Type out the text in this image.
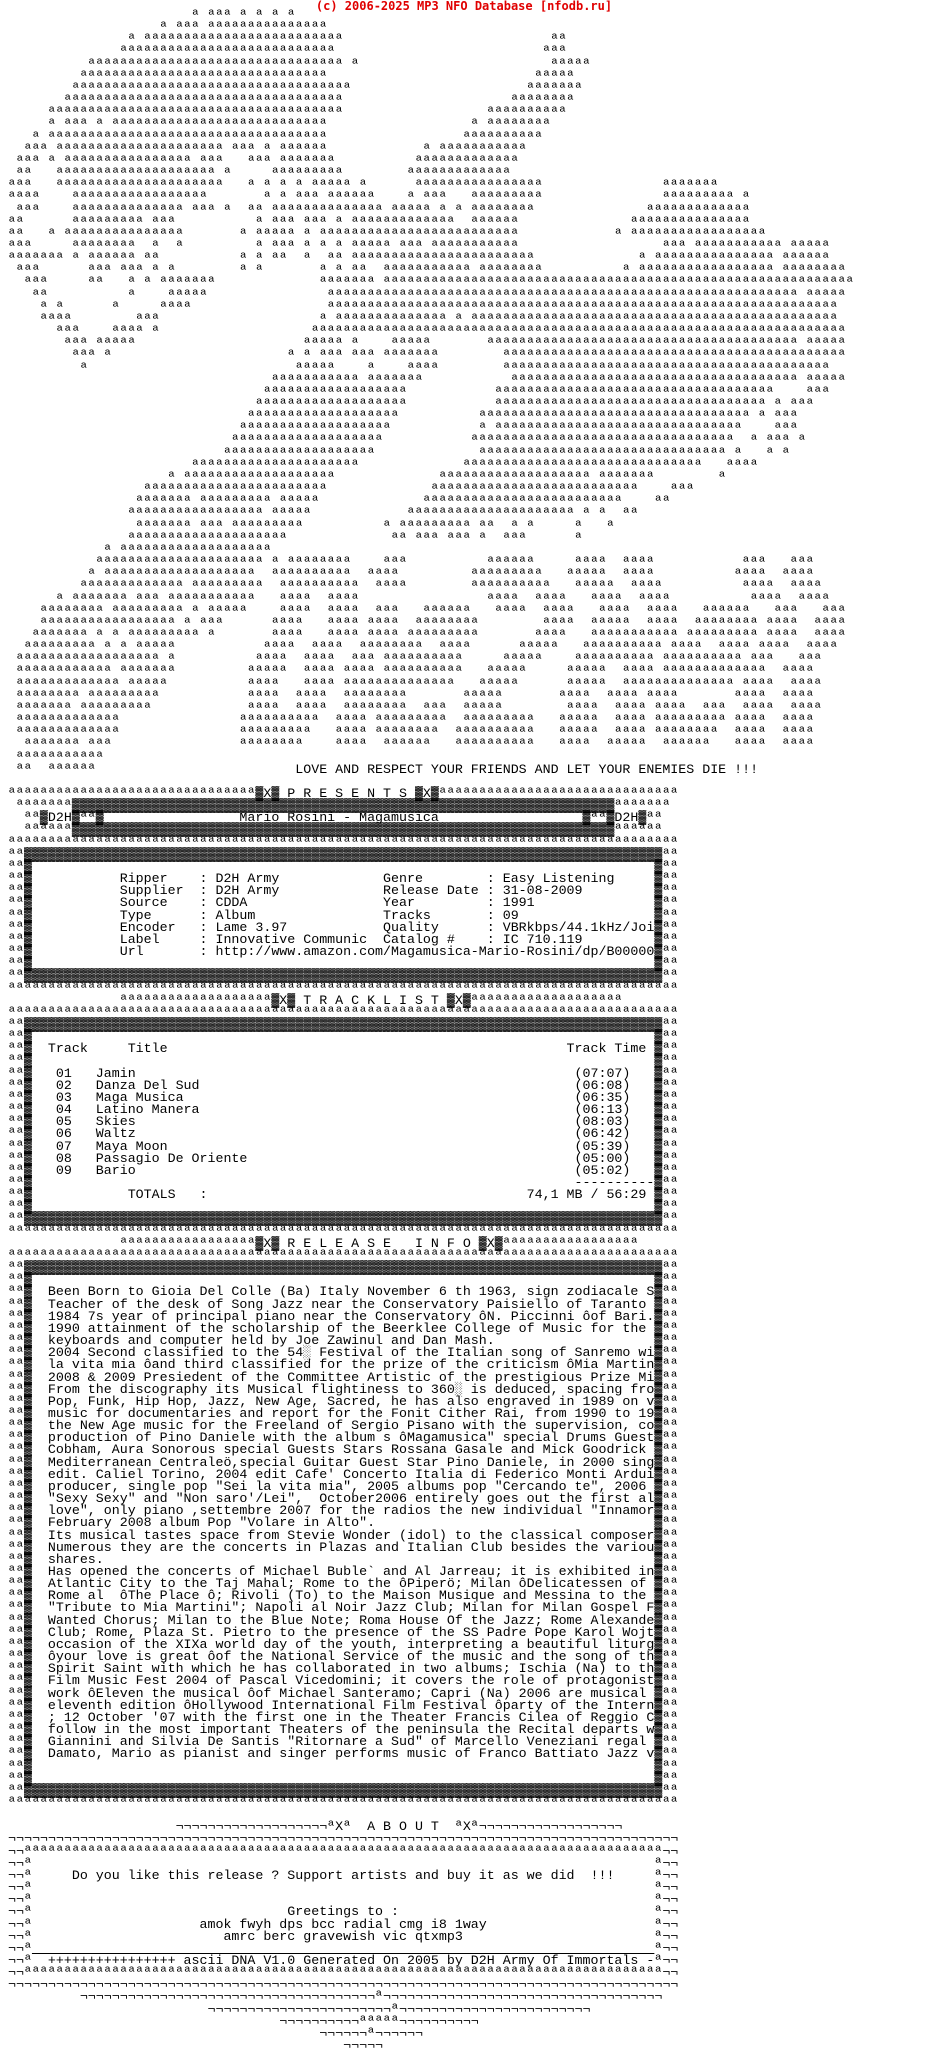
(c) 2006-2025 MP3 NFO Database [nfodb.ru]
ª ªªª ª ª ª ª
ª ªªª ªªªªªªªªªªªªªªª
ª ªªªªªªªªªªªªªªªªªªªªªªªªª                          ªª
ªªªªªªªªªªªªªªªªªªªªªªªªªªª                          ªªª
ªªªªªªªªªªªªªªªªªªªªªªªªªªªªªªªª ª                        ªªªªª
ªªªªªªªªªªªªªªªªªªªªªªªªªªªªªªª                          ªªªªª
ªªªªªªªªªªªªªªªªªªªªªªªªªªªªªªªªªªª                      ªªªªªªª
ªªªªªªªªªªªªªªªªªªªªªªªªªªªªªªªªªªª                     ªªªªªªªª
ªªªªªªªªªªªªªªªªªªªªªªªªªªªªªªªªªªªªª                  ªªªªªªªªªª
ª ªªª ª ªªªªªªªªªªªªªªªªªªªªªªªªªªª                  ª ªªªªªªªª
ª ªªªªªªªªªªªªªªªªªªªªªªªªªªªªªªªªªªª                 ªªªªªªªªªª
ªªª ªªªªªªªªªªªªªªªªªªªªª ªªª ª ªªªªªª            ª ªªªªªªªªªªª
ªªª ª ªªªªªªªªªªªªªªªª ªªª   ªªª ªªªªªªª          ªªªªªªªªªªªªª
ªª   ªªªªªªªªªªªªªªªªªªªª ª     ªªªªªªªªª        ªªªªªªªªªªªªª
ªªª   ªªªªªªªªªªªªªªªªªªªªª   ª ª ª ª ªªªªª ª      ªªªªªªªªªªªªªªªª               ªªªªªªª
ªªªª    ªªªªªªªªªªªªªªªªª       ª ª ªªª ªªªªªª    ª ªªª   ªªªªªªªªª               ªªªªªªªªª ª
ªªª    ªªªªªªªªªªªªªª ªªª ª  ªª ªªªªªªªªªªªªªª ªªªªª ª ª ªªªªªªªª              ªªªªªªªªªªªªª
ªª      ªªªªªªªªª ªªª          ª ªªª ªªª ª ªªªªªªªªªªªªª  ªªªªªª              ªªªªªªªªªªªªªªª
ªª   ª ªªªªªªªªªªªªªªª       ª ªªªªª ª ªªªªªªªªªªªªªªªªªªªªªªªªª            ª ªªªªªªªªªªªªªªªªª
ªªª     ªªªªªªªª  ª  ª         ª ªªª ª ª ª ªªªªª ªªª ªªªªªªªªªªª                  ªªª ªªªªªªªªªªª ªªªªª
ªªªªªªª ª ªªªªªª ªª          ª ª ªª  ª  ªª ªªªªªªªªªªªªªªªªªªªªªªª             ª ªªªªªªªªªªªªªªª ªªªªªª
ªªª      ªªª ªªª ª ª        ª ª       ª ª ªª  ªªªªªªªªªªª ªªªªªªªª          ª ªªªªªªªªªªªªªªªªª ªªªªªªªª
ªªª     ªª   ª ª ªªªªªªª             ªªªªªªª ªªªªªªªªªªªªªªªªªªªªªªªªªªªªªªªªªªªªªªªªªªªªªªªªªªªªªªªªªªª
ªª          ª    ªªªªª               ªªªªªªªªªªªªªªªªªªªªªªªªªªªªªªªªªªªªªªªªªªªªªªªªªªªªªªªªªªª ªªªªª
ª ª      ª     ªªªª                 ªªªªªªªªªªªªªªªªªªªªªªªªªªªªªªªªªªªªªªªªªªªªªªªªªªªªªªªªªªªªªªªª
ªªªª        ªªª                    ª ªªªªªªªªªªªªªª ª ªªªªªªªªªªªªªªªªªªªªªªªªªªªªªªªªªªªªªªªªªªªªªª
ªªª    ªªªª ª                   ªªªªªªªªªªªªªªªªªªªªªªªªªªªªªªªªªªªªªªªªªªªªªªªªªªªªªªªªªªªªªªªªªªª
ªªª ªªªªª                     ªªªªª ª    ªªªªª       ªªªªªªªªªªªªªªªªªªªªªªªªªªªªªªªªªªªªªªª ªªªªª
ªªª ª                      ª ª ªªª ªªª ªªªªªªª        ªªªªªªªªªªªªªªªªªªªªªªªªªªªªªªªªªªªªªªªªªªª
ª                          ªªªªª    ª    ªªªª        ªªªªªªªªªªªªªªªªªªªªªªªªªªªªªªªªªªªªªªªªª
ªªªªªªªªªªª ªªªªªªª           ªªªªªªªªªªªªªªªªªªªªªªªªªªªªªªªªªªªª ªªªªª
ªªªªªªªªªªªªªªªªªª           ªªªªªªªªªªªªªªªªªªªªªªªªªªªªªªªªªªª    ªªª
ªªªªªªªªªªªªªªªªªªª           ªªªªªªªªªªªªªªªªªªªªªªªªªªªªªªªªªª ª ªªª
ªªªªªªªªªªªªªªªªªªª          ªªªªªªªªªªªªªªªªªªªªªªªªªªªªªªªªªª ª ªªª
ªªªªªªªªªªªªªªªªªªª           ª ªªªªªªªªªªªªªªªªªªªªªªªªªªªªªªª    ªªª
ªªªªªªªªªªªªªªªªªªª           ªªªªªªªªªªªªªªªªªªªªªªªªªªªªªªªªª  ª ªªª ª
ªªªªªªªªªªªªªªªªªªª             ªªªªªªªªªªªªªªªªªªªªªªªªªªªªªªª ª   ª ª
ªªªªªªªªªªªªªªªªªªªªª             ªªªªªªªªªªªªªªªªªªªªªªªªªªªªªª   ªªªª
ª ªªªªªªªªªªªªªªªªªªª             ªªªªªªªªªªªªªªªªªªª ªªªªªªª        ª
ªªªªªªªªªªªªªªªªªªªªªªª             ªªªªªªªªªªªªªªªªªªªªªªªªªª    ªªª
ªªªªªªª ªªªªªªªªª ªªªªª             ªªªªªªªªªªªªªªªªªªªªªªªªª    ªª
ªªªªªªªªªªªªªªªªª ªªªªª            ªªªªªªªªªªªªªªªªªªªªª ª ª  ªª
ªªªªªªª ªªª ªªªªªªªªª          ª ªªªªªªªªª ªª  ª ª     ª   ª
ªªªªªªªªªªªªªªªªªªªª             ªª ªªª ªªª ª  ªªª      ª
ª ªªªªªªªªªªªªªªªªªªª
ªªªªªªªªªªªªªªªªªªªªª ª ªªªªªªªª    ªªª          ªªªªªª     ªªªª  ªªªª           ªªª   ªªª
ª ªªªªªªªªªªªªªªªªªªª  ªªªªªªªªªª  ªªªª         ªªªªªªªªª   ªªªªª  ªªªª          ªªªª  ªªªª
ªªªªªªªªªªªªª ªªªªªªªªª  ªªªªªªªªªª  ªªªª        ªªªªªªªªªª   ªªªªª  ªªªª          ªªªª  ªªªª
ª ªªªªªªª ªªª ªªªªªªªªªªª   ªªªª  ªªªª                ªªªª  ªªªª   ªªªª  ªªªª          ªªªª  ªªªª
ªªªªªªªª ªªªªªªªªª ª ªªªªª    ªªªª  ªªªª  ªªª   ªªªªªª   ªªªª  ªªªª   ªªªª  ªªªª   ªªªªªª   ªªª   ªªª
ªªªªªªªªªªªªªªªªª ª ªªª      ªªªª   ªªªª ªªªª  ªªªªªªªª        ªªªª  ªªªªª  ªªªª  ªªªªªªªª ªªªª  ªªªª
ªªªªªªª ª ª ªªªªªªªªª ª       ªªªª   ªªªª ªªªª ªªªªªªªªª       ªªªª   ªªªªªªªªªªª ªªªªªªªªª ªªªª  ªªªª
ªªªªªªªªª ª ª ªªªªª           ªªªª  ªªªª  ªªªªªªªª  ªªªª      ªªªªª   ªªªªªªªªªª ªªªª  ªªªª ªªªª  ªªªª
ªªªªªªªªªªªªªªªªªª ª          ªªªª  ªªªª  ªªª ªªªªªªªªªª     ªªªªª    ªªªªªªªªªª ªªªªªªªªªª ªªª   ªªª
ªªªªªªªªªªªª ªªªªªªª         ªªªªª  ªªªª ªªªª ªªªªªªªªªª   ªªªªª     ªªªªª  ªªªª ªªªªªªªªªªªªª  ªªªª
ªªªªªªªªªªªªª ªªªªª          ªªªª   ªªªª ªªªªªªªªªªªªªª   ªªªªª      ªªªªª  ªªªªªªªªªªªªªª ªªªª  ªªªª
ªªªªªªªª ªªªªªªªªª           ªªªª  ªªªª  ªªªªªªªª       ªªªªª       ªªªª  ªªªª ªªªª       ªªªª  ªªªª
ªªªªªªª ªªªªªªªªª            ªªªª  ªªªª  ªªªªªªªª  ªªª  ªªªªª        ªªªª  ªªªª ªªªª  ªªª  ªªªª  ªªªª
ªªªªªªªªªªªªª               ªªªªªªªªªª  ªªªª ªªªªªªªªª  ªªªªªªªªª   ªªªªª  ªªªª ªªªªªªªªª ªªªª  ªªªª
ªªªªªªªªªªªªª               ªªªªªªªªª   ªªªª ªªªªªªªª  ªªªªªªªªªª   ªªªªª  ªªªª ªªªªªªªª  ªªªª  ªªªª
ªªªªªªª ªªª                ªªªªªªªª    ªªªª  ªªªªªª   ªªªªªªªªªª   ªªªª  ªªªªª  ªªªªªª   ªªªª  ªªªª
ªªªªªªªªªªª
ªª  ªªªªªª                         LOVE AND RESPECT YOUR FRIENDS AND LET YOUR ENEMIES DIE !!!

ªªªªªªªªªªªªªªªªªªªªªªªªªªªªªªª▓X▓ P R E S E N T S ▓X▓ªªªªªªªªªªªªªªªªªªªªªªªªªªªªªª
ªªªªªªª▓▓▓▓▓▓▓▓▓▓▓▓▓▓▓▓▓▓▓▓▓▓▓▓▓▓▓▓▓▓▓▓▓▓▓▓▓▓▓▓▓▓▓▓▓▓▓▓▓▓▓▓▓▓▓▓▓▓▓▓▓▓▓▓▓▓▓▓ªªªªªªª
ªª▓D2H▓ªª▓                 Mario Rosini - Magamusica                  ▓ªª▓D2H▓ªª
ªªªªªª▓▓▓▓▓▓▓▓▓▓▓▓▓▓▓▓▓▓▓▓▓▓▓▓▓▓▓▓▓▓▓▓▓▓▓▓▓▓▓▓▓▓▓▓▓▓▓▓▓▓▓▓▓▓▓▓▓▓▓▓▓▓▓▓▓▓▓▓ªªªªªª
ªªªªªªªªªªªªªªªªªªªªªªªªªªªªªªªªªªªªªªªªªªªªªªªªªªªªªªªªªªªªªªªªªªªªªªªªªªªªªªªªªªªª
ªª▓▓▓▓▓▓▓▓▓▓▓▓▓▓▓▓▓▓▓▓▓▓▓▓▓▓▓▓▓▓▓▓▓▓▓▓▓▓▓▓▓▓▓▓▓▓▓▓▓▓▓▓▓▓▓▓▓▓▓▓▓▓▓▓▓▓▓▓▓▓▓▓▓▓▓▓▓▓▓▓ªª
ªª▓                                                                              ▓ªª
ªª▓           Ripper    : D2H Army             Genre        : Easy Listening     ▓ªª
ªª▓           Supplier  : D2H Army             Release Date : 31-08-2009         ▓ªª
ªª▓           Source    : CDDA                 Year         : 1991               ▓ªª
ªª▓           Type      : Album                Tracks       : 09                 ▓ªª
ªª▓           Encoder   : Lame 3.97            Quality      : VBRkbps/44.1kHz/Joi▓ªª
ªª▓           Label     : Innovative Communic  Catalog #    : IC 710.119         ▓ªª
ªª▓           Url       : http://www.amazon.com/Magamusica-Mario-Rosini/dp/B00000▓ªª
ªª▓                                                                              ▓ªª
ªª▓▓▓▓▓▓▓▓▓▓▓▓▓▓▓▓▓▓▓▓▓▓▓▓▓▓▓▓▓▓▓▓▓▓▓▓▓▓▓▓▓▓▓▓▓▓▓▓▓▓▓▓▓▓▓▓▓▓▓▓▓▓▓▓▓▓▓▓▓▓▓▓▓▓▓▓▓▓▓▓ªª
ªªªªªªªªªªªªªªªªªªªªªªªªªªªªªªªªªªªªªªªªªªªªªªªªªªªªªªªªªªªªªªªªªªªªªªªªªªªªªªªªªªªª
ªªªªªªªªªªªªªªªªªªª▓X▓ T R A C K L I S T ▓X▓ªªªªªªªªªªªªªªªªªªª
ªªªªªªªªªªªªªªªªªªªªªªªªªªªªªªªªªªªªªªªªªªªªªªªªªªªªªªªªªªªªªªªªªªªªªªªªªªªªªªªªªªªª
ªª▓▓▓▓▓▓▓▓▓▓▓▓▓▓▓▓▓▓▓▓▓▓▓▓▓▓▓▓▓▓▓▓▓▓▓▓▓▓▓▓▓▓▓▓▓▓▓▓▓▓▓▓▓▓▓▓▓▓▓▓▓▓▓▓▓▓▓▓▓▓▓▓▓▓▓▓▓▓▓▓ªª
ªª▓                                                                              ▓ªª
ªª▓  Track     Title                                                  Track Time ▓ªª
ªª▓                                                                              ▓ªª
ªª▓   01   Jamin                                                       (07:07)   ▓ªª
ªª▓   02   Danza Del Sud                                               (06:08)   ▓ªª
ªª▓   03   Maga Musica                                                 (06:35)   ▓ªª
ªª▓   04   Latino Manera                                               (06:13)   ▓ªª
ªª▓   05   Skies                                                       (08:03)   ▓ªª
ªª▓   06   Waltz                                                       (06:42)   ▓ªª
ªª▓   07   Maya Moon                                                   (05:39)   ▓ªª
ªª▓   08   Passagio De Oriente                                         (05:00)   ▓ªª
ªª▓   09   Bario                                                       (05:02)   ▓ªª
ªª▓                                                                    ----------▓ªª
ªª▓            TOTALS   :                                        74,1 MB / 56:29 ▓ªª
ªª▓                                                                              ▓ªª
ªª▓▓▓▓▓▓▓▓▓▓▓▓▓▓▓▓▓▓▓▓▓▓▓▓▓▓▓▓▓▓▓▓▓▓▓▓▓▓▓▓▓▓▓▓▓▓▓▓▓▓▓▓▓▓▓▓▓▓▓▓▓▓▓▓▓▓▓▓▓▓▓▓▓▓▓▓▓▓▓▓ªª
ªªªªªªªªªªªªªªªªªªªªªªªªªªªªªªªªªªªªªªªªªªªªªªªªªªªªªªªªªªªªªªªªªªªªªªªªªªªªªªªªªªªª
ªªªªªªªªªªªªªªªªª▓X▓ R E L E A S E   I N F O ▓X▓ªªªªªªªªªªªªªªªªª
ªªªªªªªªªªªªªªªªªªªªªªªªªªªªªªªªªªªªªªªªªªªªªªªªªªªªªªªªªªªªªªªªªªªªªªªªªªªªªªªªªªªª
ªª▓▓▓▓▓▓▓▓▓▓▓▓▓▓▓▓▓▓▓▓▓▓▓▓▓▓▓▓▓▓▓▓▓▓▓▓▓▓▓▓▓▓▓▓▓▓▓▓▓▓▓▓▓▓▓▓▓▓▓▓▓▓▓▓▓▓▓▓▓▓▓▓▓▓▓▓▓▓▓▓ªª
ªª▓                                                                              ▓ªª
ªª▓  Been Born to Gioia Del Colle (Ba) Italy November 6 th 1963, sign zodiacale S▓ªª
ªª▓  Teacher of the desk of Song Jazz near the Conservatory Paisiello of Taranto ▓ªª
ªª▓  1984 7s year of principal piano near the Conservatory ôN. Piccinni ôof Bari.▓ªª
ªª▓  1990 attainment of the scholarship of the Beerklee College of Music for the ▓ªª
ªª▓  keyboards and computer held by Joe Zawinul and Dan Mash.                    ▓ªª
ªª▓  2004 Second classified to the 54░ Festival of the Italian song of Sanremo wi▓ªª
ªª▓  la vita mia ôand third classified for the prize of the criticism ôMia Martin▓ªª
ªª▓  2008 & 2009 Presiedent of the Committee Artistic of the prestigious Prize Mi▓ªª
ªª▓  From the discography its Musical flightiness to 360░ is deduced, spacing fro▓ªª
ªª▓  Pop, Funk, Hip Hop, Jazz, New Age, Sacred, he has also engraved in 1989 on v▓ªª
ªª▓  music for documentaries and report for the Fonit Cither Rai, from 1990 to 19▓ªª
ªª▓  the New Age music for the Freeland of Sergio Pisano with the supervision, co▓ªª
ªª▓  production of Pino Daniele with the album s ôMagamusica" special Drums Guest▓ªª
ªª▓  Cobham, Aura Sonorous special Guests Stars Rossana Gasale and Mick Goodrick ▓ªª
ªª▓  Mediterranean Centraleö,special Guitar Guest Star Pino Daniele, in 2000 sing▓ªª
ªª▓  edit. Caliel Torino, 2004 edit Cafe' Concerto Italia di Federico Monti Ardui▓ªª
ªª▓  producer, single pop "Sei la vita mia", 2005 albums pop "Cercando te", 2006 ▓ªª
ªª▓  "Sexy Sexy" and "Non saro'/Lei",  October2006 entirely goes out the first al▓ªª
ªª▓  love", only piano ,settembre 2007 for the radios the new individual "Innamor▓ªª
ªª▓  February 2008 album Pop "Volare in Alto".                                   ▓ªª
ªª▓  Its musical tastes space from Stevie Wonder (idol) to the classical composer▓ªª
ªª▓  Numerous they are the concerts in Plazas and Italian Club besides the variou▓ªª
ªª▓  shares.                                                                     ▓ªª
ªª▓  Has opened the concerts of Michael Buble` and Al Jarreau; it is exhibited in▓ªª
ªª▓  Atlantic City to the Taj Mahal; Rome to the ôPiperö; Milan ôDelicatessen of ▓ªª
ªª▓  Rome al  ôThe Place ô; Rivoli (To) to the Maison Musique and Messina to the ▓ªª
ªª▓  "Tribute to Mia Martini"; Napoli al Noir Jazz Club; Milan for Milan Gospel F▓ªª
ªª▓  Wanted Chorus; Milan to the Blue Note; Roma House Of the Jazz; Rome Alexande▓ªª
ªª▓  Club; Rome, Plaza St. Pietro to the presence of the SS Padre Pope Karol Wojt▓ªª
ªª▓  occasion of the XIXa world day of the youth, interpreting a beautiful liturg▓ªª
ªª▓  ôyour love is great ôof the National Service of the music and the song of th▓ªª
ªª▓  Spirit Saint with which he has collaborated in two albums; Ischia (Na) to th▓ªª
ªª▓  Film Music Fest 2004 of Pascal Vicedomini; it covers the role of protagonist▓ªª
ªª▓  work ôEleven the musical ôof Michael Santeramo; Capri (Na) 2006 are musical ▓ªª
ªª▓  eleventh edition ôHollywood International Film Festival ôparty of the Intern▓ªª
ªª▓  ; 12 October '07 with the first one in the Theater Francis Cilea of Reggio C▓ªª
ªª▓  follow in the most important Theaters of the peninsula the Recital departs w▓ªª
ªª▓  Giannini and Silvia De Santis "Ritornare a Sud" of Marcello Veneziani regal ▓ªª
ªª▓  Damato, Mario as pianist and singer performs music of Franco Battiato Jazz v▓ªª
ªª▓                                                                              ▓ªª
ªª▓                                                                              ▓ªª
ªª▓▓▓▓▓▓▓▓▓▓▓▓▓▓▓▓▓▓▓▓▓▓▓▓▓▓▓▓▓▓▓▓▓▓▓▓▓▓▓▓▓▓▓▓▓▓▓▓▓▓▓▓▓▓▓▓▓▓▓▓▓▓▓▓▓▓▓▓▓▓▓▓▓▓▓▓▓▓▓▓ªª
ªªªªªªªªªªªªªªªªªªªªªªªªªªªªªªªªªªªªªªªªªªªªªªªªªªªªªªªªªªªªªªªªªªªªªªªªªªªªªªªªªªªª

¬¬¬¬¬¬¬¬¬¬¬¬¬¬¬¬¬¬¬ªXª  A B O U T  ªXª¬¬¬¬¬¬¬¬¬¬¬¬¬¬¬¬¬¬
¬¬¬¬¬¬¬¬¬¬¬¬¬¬¬¬¬¬¬¬¬¬¬¬¬¬¬¬¬¬¬¬¬¬¬¬¬¬¬¬¬¬¬¬¬¬¬¬¬¬¬¬¬¬¬¬¬¬¬¬¬¬¬¬¬¬¬¬¬¬¬¬¬¬¬¬¬¬¬¬¬¬¬¬
¬¬ªªªªªªªªªªªªªªªªªªªªªªªªªªªªªªªªªªªªªªªªªªªªªªªªªªªªªªªªªªªªªªªªªªªªªªªªªªªªªªªª¬¬
¬¬ª                                                                              ª¬¬
¬¬ª     Do you like this release ? Support artists and buy it as we did  !!!     ª¬¬
¬¬ª                                                                              ª¬¬
¬¬ª                                                                              ª¬¬
¬¬ª                                Greetings to :                                ª¬¬
¬¬ª                     amok fwyh dps bcc radial cmg i8 1way                     ª¬¬
¬¬ª                        amrc berc gravewish vic qtxmp3                        ª¬¬
¬¬ª	ª¬¬
¬¬ª  ++++++++++++++++ ascii DNA V1.0 Generated On 2005 by D2H Army Of Immortals -ª¬¬
¬¬ªªªªªªªªªªªªªªªªªªªªªªªªªªªªªªªªªªªªªªªªªªªªªªªªªªªªªªªªªªªªªªªªªªªªªªªªªªªªªªªª¬¬
¬¬¬¬¬¬¬¬¬¬¬¬¬¬¬¬¬¬¬¬¬¬¬¬¬¬¬¬¬¬¬¬¬¬¬¬¬¬¬¬¬¬¬¬¬¬¬¬¬¬¬¬¬¬¬¬¬¬¬¬¬¬¬¬¬¬¬¬¬¬¬¬¬¬¬¬¬¬¬¬¬¬¬¬
¬¬¬¬¬¬¬¬¬¬¬¬¬¬¬¬¬¬¬¬¬¬¬¬¬¬¬¬¬¬¬¬¬¬¬¬¬ª¬¬¬¬¬¬¬¬¬¬¬¬¬¬¬¬¬¬¬¬¬¬¬¬¬¬¬¬¬¬¬¬¬¬¬
¬¬¬¬¬¬¬¬¬¬¬¬¬¬¬¬¬¬¬¬¬¬¬ª¬¬¬¬¬¬¬¬¬¬¬¬¬¬¬¬¬¬¬¬¬¬¬¬
¬¬¬¬¬¬¬¬¬¬ªªªªª¬¬¬¬¬¬¬¬¬¬
¬¬¬¬¬¬ª¬¬¬¬¬¬
¬¬¬¬¬
